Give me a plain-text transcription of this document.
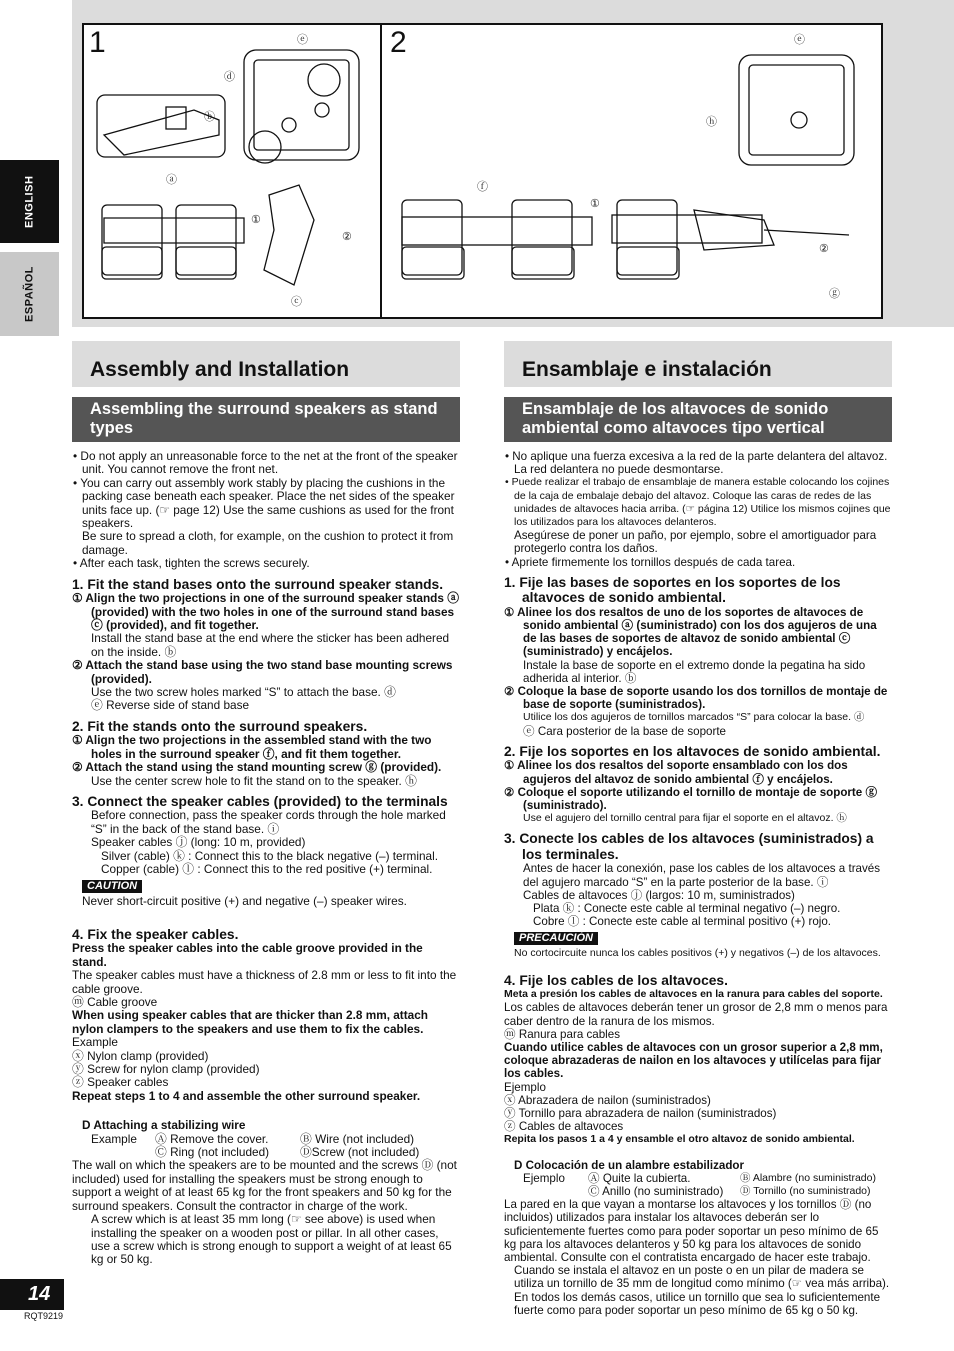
1	2
ⓔ
ⓓ
ⓑ
ⓐ
①
②
ⓒ
ⓔ
ⓗ
ⓕ
①
②
ⓖ
ENGLISH
ESPAÑOL
Assembly and Installation
Assembling the surround speakers as stand types
• Do not apply an unreasonable force to the net at the front of the speaker unit. You cannot remove the front net.
• You can carry out assembly work stably by placing the cushions in the packing case beneath each speaker. Place the net sides of the speaker units face up. (☞ page 12) Use the same cushions as used for the front speakers.
Be sure to spread a cloth, for example, on the cushion to protect it from damage.
• After each task, tighten the screws securely.
1. Fit the stand bases onto the surround speaker stands.
① Align the two projections in one of the surround speaker stands ⓐ (provided) with the two holes in one of the surround stand bases ⓒ (provided), and fit together.
Install the stand base at the end where the sticker has been adhered on the inside. ⓑ
② Attach the stand base using the two stand base mounting screws (provided).
Use the two screw holes marked “S” to attach the base. ⓓ
ⓔ Reverse side of stand base
2. Fit the stands onto the surround speakers.
① Align the two projections in the assembled stand with the two holes in the surround speaker ⓕ, and fit them together.
② Attach the stand using the stand mounting screw ⓖ (provided).
Use the center screw hole to fit the stand on to the speaker. ⓗ
3. Connect the speaker cables (provided) to the terminals
Before connection, pass the speaker cords through the hole marked “S” in the back of the stand base. ⓘ
Speaker cables ⓙ (long: 10 m, provided)
Silver (cable) ⓚ : Connect this to the black negative (–) terminal.
Copper (cable) ⓛ : Connect this to the red positive (+) terminal.
CAUTION
Never short-circuit positive (+) and negative (–) speaker wires.
4. Fix the speaker cables.
Press the speaker cables into the cable groove provided in the stand.
The speaker cables must have a thickness of 2.8 mm or less to fit into the cable groove.
ⓜ Cable groove
When using speaker cables that are thicker than 2.8 mm, attach nylon clampers to the speakers and use them to fix the cables.
Example
ⓧ Nylon clamp (provided)
ⓨ Screw for nylon clamp (provided)
ⓩ Speaker cables
Repeat steps 1 to 4 and assemble the other surround speaker.
D Attaching a stabilizing wire
Example	Ⓐ Remove the cover.	Ⓑ Wire (not included)
Ⓒ Ring (not included)	ⒹScrew (not included)
The wall on which the speakers are to be mounted and the screws Ⓓ (not included) used for installing the speakers must be strong enough to support a weight of at least 65 kg for the front speakers and 50 kg for the surround speakers. Consult the contractor in charge of the work.
A screw which is at least 35 mm long (☞ see above) is used when installing the speaker on a wooden post or pillar. In all other cases, use a screw which is strong enough to support a weight of at least 65 kg or 50 kg.
Ensamblaje e instalación
Ensamblaje de los altavoces de sonido ambiental como altavoces tipo vertical
• No aplique una fuerza excesiva a la red de la parte delantera del altavoz. La red delantera no puede desmontarse.
• Puede realizar el trabajo de ensamblaje de manera estable colocando los cojines de la caja de embalaje debajo del altavoz. Coloque las caras de redes de las unidades de altavoces hacia arriba. (☞ página 12) Utilice los mismos cojines que los utilizados para los altavoces delanteros.
Asegúrese de poner un paño, por ejemplo, sobre el amortiguador para protegerlo contra los daños.
• Apriete firmemente los tornillos después de cada tarea.
1. Fije las bases de soportes en los soportes de los altavoces de sonido ambiental.
① Alinee los dos resaltos de uno de los soportes de altavoces de sonido ambiental ⓐ (suministrado) con los dos agujeros de una de las bases de soportes de altavoz de sonido ambiental ⓒ (suministrado) y encájelos.
Instale la base de soporte en el extremo donde la pegatina ha sido adherida al interior. ⓑ
② Coloque la base de soporte usando los dos tornillos de montaje de base de soporte (suministrados).
Utilice los dos agujeros de tornillos marcados “S” para colocar la base. ⓓ
ⓔ Cara posterior de la base de soporte
2. Fije los soportes en los altavoces de sonido ambiental.
① Alinee los dos resaltos del soporte ensamblado con los dos agujeros del altavoz de sonido ambiental ⓕ y encájelos.
② Coloque el soporte utilizando el tornillo de montaje de soporte ⓖ (suministrado).
Use el agujero del tornillo central para fijar el soporte en el altavoz. ⓗ
3. Conecte los cables de los altavoces (suministrados) a los terminales.
Antes de hacer la conexión, pase los cables de los altavoces a través del agujero marcado “S” en la parte posterior de la base. ⓘ
Cables de altavoces ⓙ (largos: 10 m, suministrados)
Plata ⓚ : Conecte este cable al terminal negativo (–) negro.
Cobre ⓛ : Conecte este cable al terminal positivo (+) rojo.
PRECAUCIÓN
No cortocircuite nunca los cables positivos (+) y negativos (–) de los altavoces.
4. Fije los cables de los altavoces.
Meta a presión los cables de altavoces en la ranura para cables del soporte.
Los cables de altavoces deberán tener un grosor de 2,8 mm o menos para caber dentro de la ranura de los mismos.
ⓜ Ranura para cables
Cuando utilice cables de altavoces con un grosor superior a 2,8 mm, coloque abrazaderas de nailon en los altavoces y utilícelas para fijar los cables.
Ejemplo
ⓧ Abrazadera de nailon (suministrados)
ⓨ Tornillo para abrazadera de nailon (suministrados)
ⓩ Cables de altavoces
Repita los pasos 1 a 4 y ensamble el otro altavoz de sonido ambiental.
D Colocación de un alambre estabilizador
Ejemplo	Ⓐ Quite la cubierta.	Ⓑ Alambre (no suministrado)
Ⓒ Anillo (no suministrado)	Ⓓ Tornillo (no suministrado)
La pared en la que vayan a montarse los altavoces y los tornillos Ⓓ (no incluidos) utilizados para instalar los altavoces deberán ser lo suficientemente fuertes como para poder soportar un peso mínimo de 65 kg para los altavoces delanteros y 50 kg para los altavoces de sonido ambiental. Consulte con el contratista encargado de hacer este trabajo.
Cuando se instala el altavoz en un poste o en un pilar de madera se utiliza un tornillo de 35 mm de longitud como mínimo (☞ vea más arriba). En todos los demás casos, utilice un tornillo que sea lo suficientemente fuerte como para poder soportar un peso mínimo de 65 kg o 50 kg.
14
RQT9219
